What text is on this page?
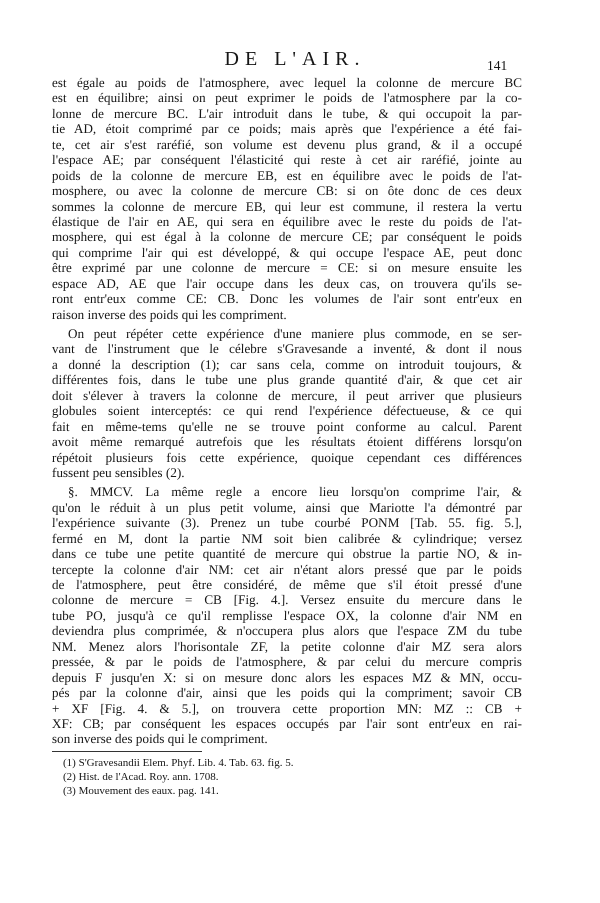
DE L'AIR.	141
est égale au poids de l'atmosphere, avec lequel la colonne de mercure BC
est en équilibre; ainsi on peut exprimer le poids de l'atmosphere par la co-
lonne de mercure BC. L'air introduit dans le tube, & qui occupoit la par-
tie AD, étoit comprimé par ce poids; mais après que l'expérience a été fai-
te, cet air s'est raréfié, son volume est devenu plus grand, & il a occupé
l'espace AE; par conséquent l'élasticité qui reste à cet air raréfié, jointe au
poids de la colonne de mercure EB, est en équilibre avec le poids de l'at-
mosphere, ou avec la colonne de mercure CB: si on ôte donc de ces deux
sommes la colonne de mercure EB, qui leur est commune, il restera la vertu
élastique de l'air en AE, qui sera en équilibre avec le reste du poids de l'at-
mosphere, qui est égal à la colonne de mercure CE; par conséquent le poids
qui comprime l'air qui est développé, & qui occupe l'espace AE, peut donc
être exprimé par une colonne de mercure = CE: si on mesure ensuite les
espace AD, AE que l'air occupe dans les deux cas, on trouvera qu'ils se-
ront entr'eux comme CE: CB. Donc les volumes de l'air sont entr'eux en
raison inverse des poids qui les compriment.
On peut répéter cette expérience d'une maniere plus commode, en se ser-
vant de l'instrument que le célebre s'Gravesande a inventé, & dont il nous
a donné la description (1); car sans cela, comme on introduit toujours, &
différentes fois, dans le tube une plus grande quantité d'air, & que cet air
doit s'élever à travers la colonne de mercure, il peut arriver que plusieurs
globules soient interceptés: ce qui rend l'expérience défectueuse, & ce qui
fait en même-tems qu'elle ne se trouve point conforme au calcul. Parent
avoit même remarqué autrefois que les résultats étoient différens lorsqu'on
répétoit plusieurs fois cette expérience, quoique cependant ces différences
fussent peu sensibles (2).
§. MMCV. La même regle a encore lieu lorsqu'on comprime l'air, &
qu'on le réduit à un plus petit volume, ainsi que Mariotte l'a démontré par
l'expérience suivante (3). Prenez un tube courbé PONM [Tab. 55. fig. 5.],
fermé en M, dont la partie NM soit bien calibrée & cylindrique; versez
dans ce tube une petite quantité de mercure qui obstrue la partie NO, & in-
tercepte la colonne d'air NM: cet air n'étant alors pressé que par le poids
de l'atmosphere, peut être considéré, de même que s'il étoit pressé d'une
colonne de mercure = CB [Fig. 4.]. Versez ensuite du mercure dans le
tube PO, jusqu'à ce qu'il remplisse l'espace OX, la colonne d'air NM en
deviendra plus comprimée, & n'occupera plus alors que l'espace ZM du tube
NM. Menez alors l'horisontale ZF, la petite colonne d'air MZ sera alors
pressée, & par le poids de l'atmosphere, & par celui du mercure compris
depuis F jusqu'en X: si on mesure donc alors les espaces MZ & MN, occu-
pés par la colonne d'air, ainsi que les poids qui la compriment; savoir CB
+ XF [Fig. 4. & 5.], on trouvera cette proportion MN: MZ :: CB +
XF: CB; par conséquent les espaces occupés par l'air sont entr'eux en rai-
son inverse des poids qui le compriment.
(1) S'Gravesandii Elem. Phyf. Lib. 4. Tab. 63. fig. 5.
(2) Hist. de l'Acad. Roy. ann. 1708.
(3) Mouvement des eaux. pag. 141.
